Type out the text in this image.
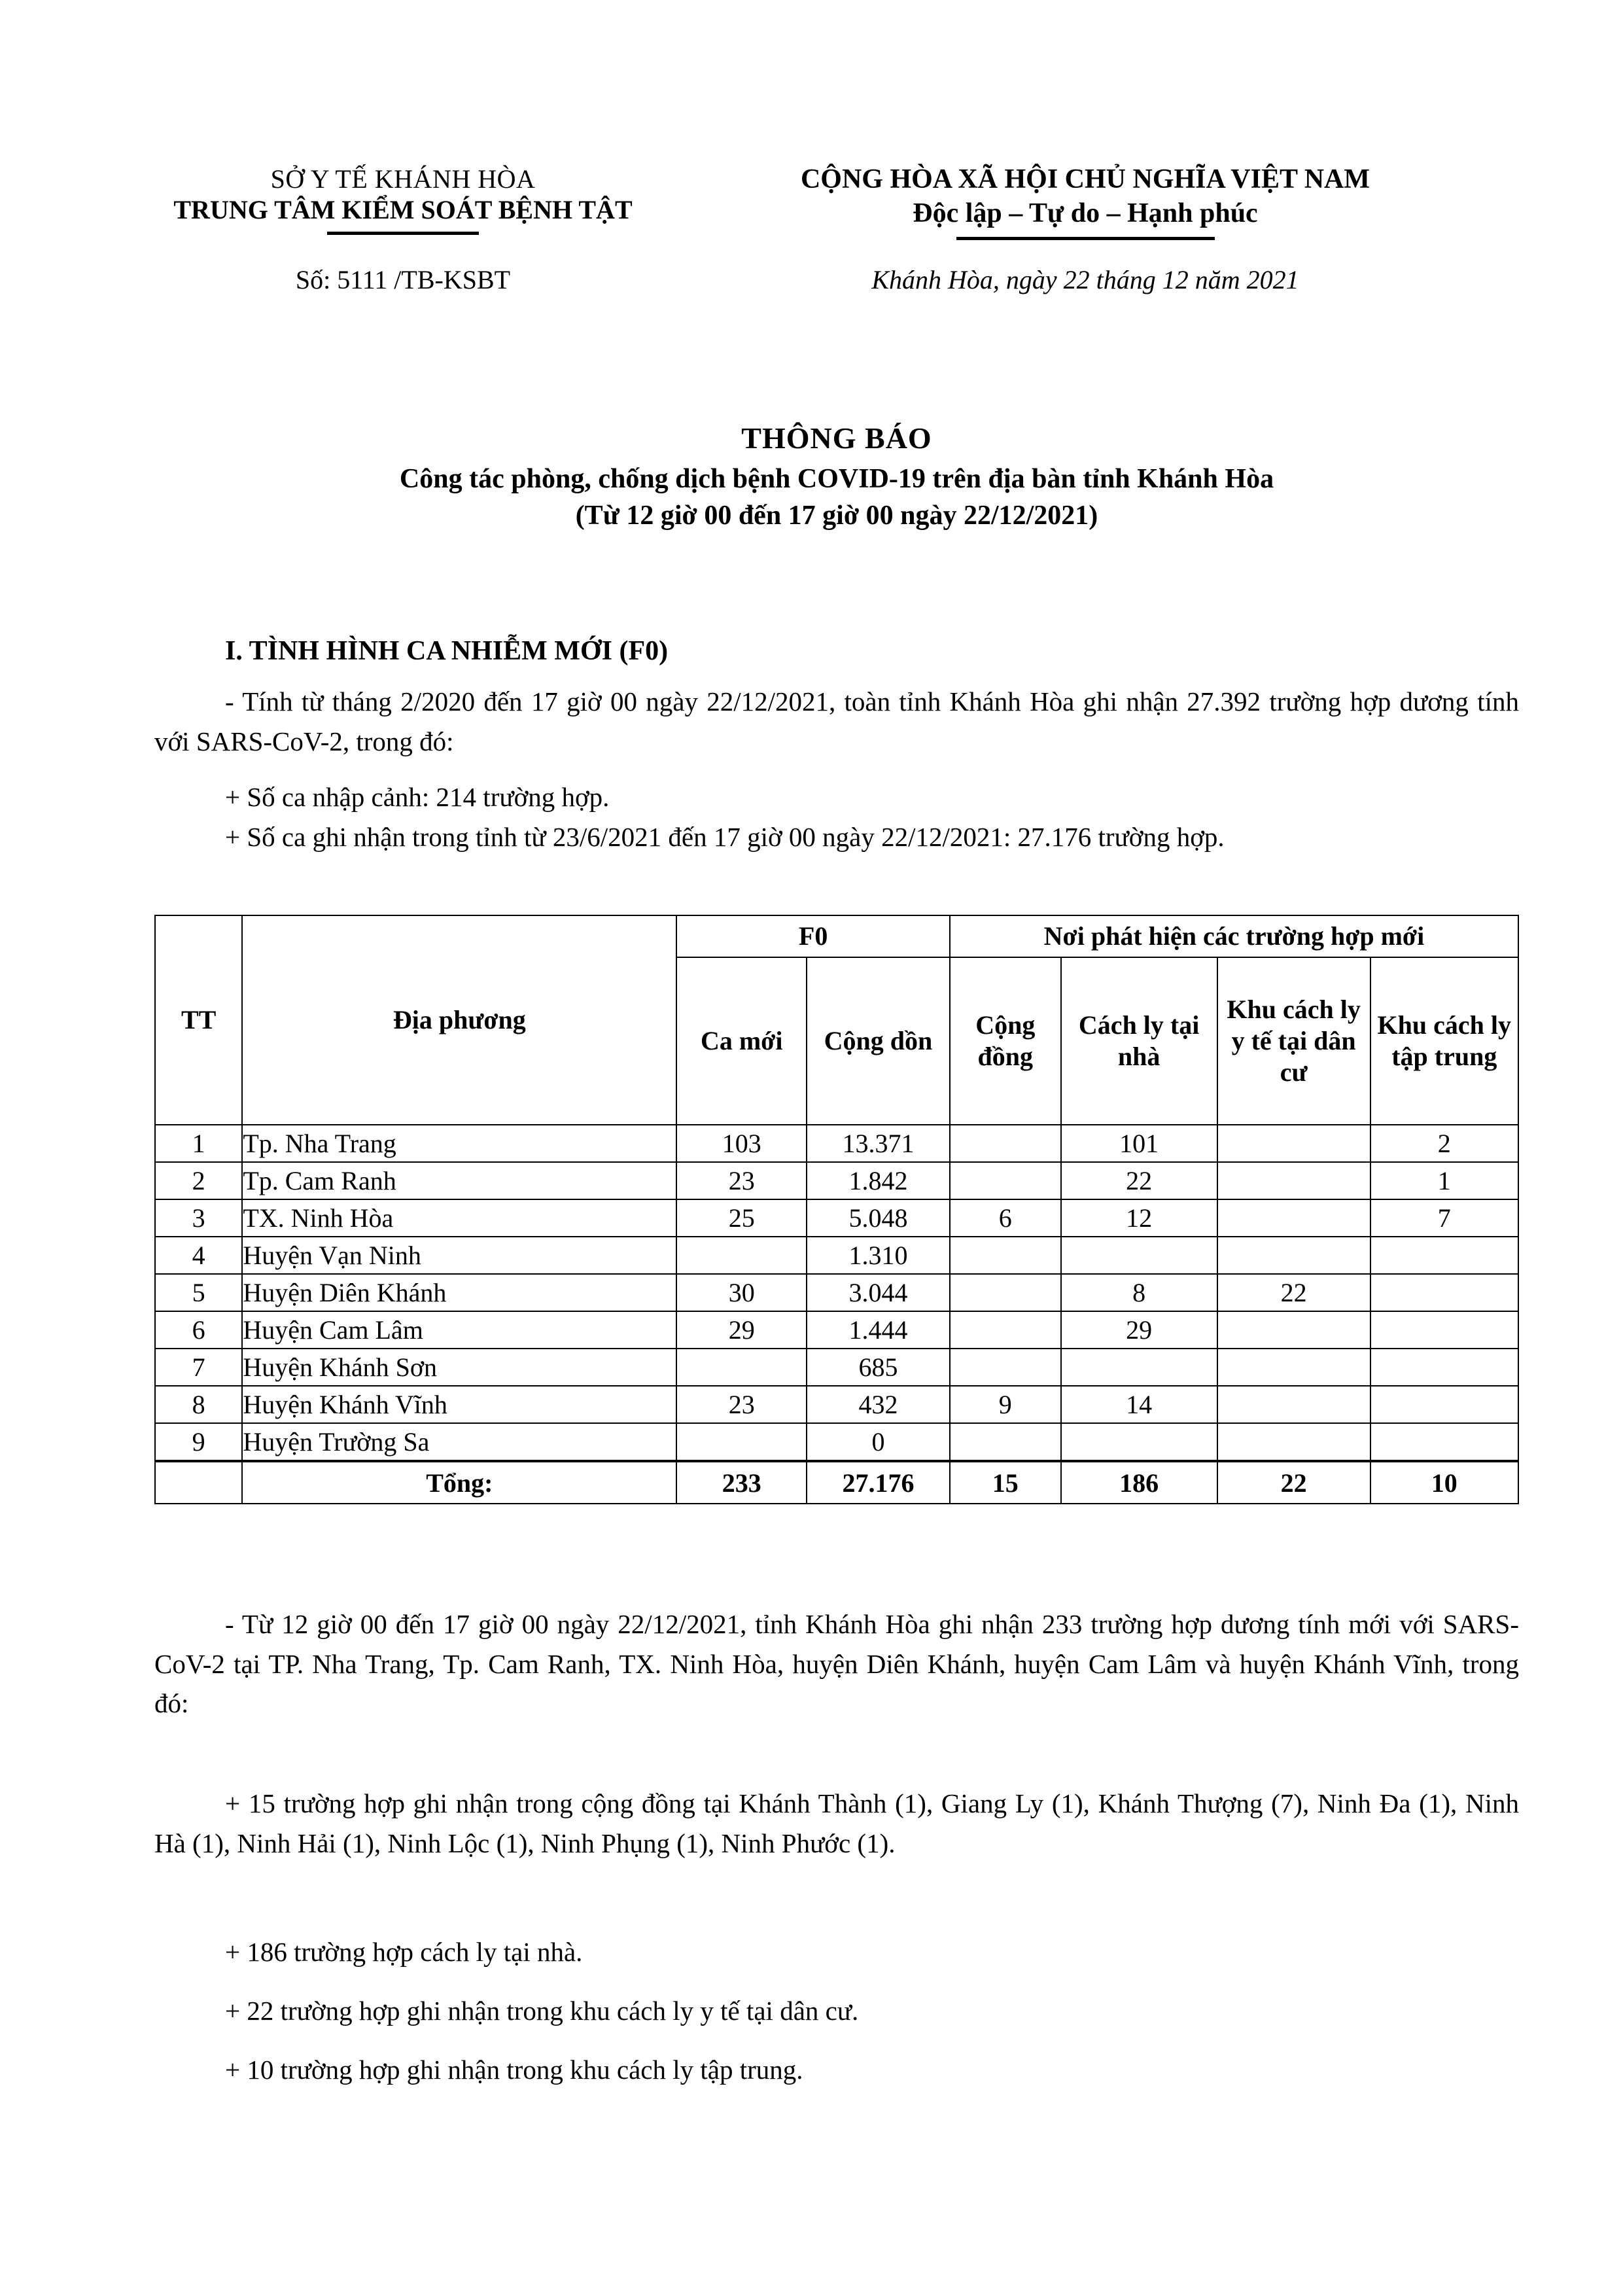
SỞ Y TẾ KHÁNH HÒA
TRUNG TÂM KIỂM SOÁT BỆNH TẬT
CỘNG HÒA XÃ HỘI CHỦ NGHĨA VIỆT NAM
Độc lập – Tự do – Hạnh phúc
Số: 5111 /TB-KSBT	Khánh Hòa, ngày 22 tháng 12 năm 2021
THÔNG BÁO
Công tác phòng, chống dịch bệnh COVID-19 trên địa bàn tỉnh Khánh Hòa
(Từ 12 giờ 00 đến 17 giờ 00 ngày 22/12/2021)
I. TÌNH HÌNH CA NHIỄM MỚI (F0)

- Tính từ tháng 2/2020 đến 17 giờ 00 ngày 22/12/2021, toàn tỉnh Khánh Hòa ghi nhận 27.392 trường hợp dương tính với SARS-CoV-2, trong đó:

+ Số ca nhập cảnh: 214 trường hợp.

+ Số ca ghi nhận trong tỉnh từ 23/6/2021 đến 17 giờ 00 ngày 22/12/2021: 27.176 trường hợp.

TT	Địa phương	F0		Nơi phát hiện các trường hợp mới			
		Ca mới	Cộng dồn	Cộng đồng	Cách ly tại nhà	Khu cách ly y tế tại dân cư	Khu cách ly tập trung
1	Tp. Nha Trang	103	13.371		101		2
2	Tp. Cam Ranh	23	1.842		22		1
3	TX. Ninh Hòa	25	5.048	6	12		7
4	Huyện Vạn Ninh		1.310				
5	Huyện Diên Khánh	30	3.044		8	22	
6	Huyện Cam Lâm	29	1.444		29		
7	Huyện Khánh Sơn		685				
8	Huyện Khánh Vĩnh	23	432	9	14		
9	Huyện Trường Sa		0				
	Tổng:	233	27.176	15	186	22	10

- Từ 12 giờ 00 đến 17 giờ 00 ngày 22/12/2021, tỉnh Khánh Hòa ghi nhận 233 trường hợp dương tính mới với SARS-CoV-2 tại TP. Nha Trang, Tp. Cam Ranh, TX. Ninh Hòa, huyện Diên Khánh, huyện Cam Lâm và huyện Khánh Vĩnh, trong đó:

+ 15 trường hợp ghi nhận trong cộng đồng tại Khánh Thành (1), Giang Ly (1), Khánh Thượng (7), Ninh Đa (1), Ninh Hà (1), Ninh Hải (1), Ninh Lộc (1), Ninh Phụng (1), Ninh Phước (1).

+ 186 trường hợp cách ly tại nhà.

+ 22 trường hợp ghi nhận trong khu cách ly y tế tại dân cư.

+ 10 trường hợp ghi nhận trong khu cách ly tập trung.
